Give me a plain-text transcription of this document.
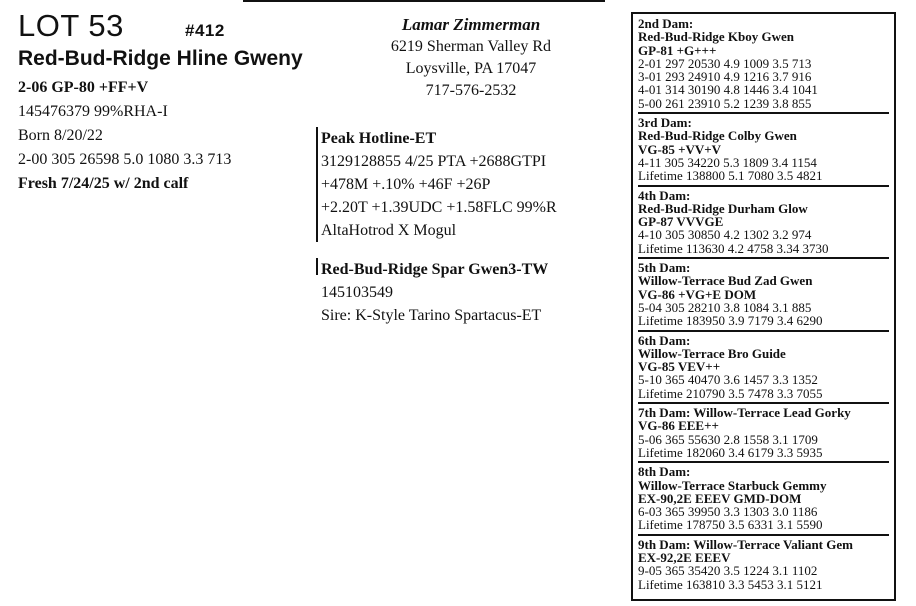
LOT 53	#412
Red-Bud-Ridge Hline Gweny
2-06 GP-80 +FF+V
145476379 99%RHA-I
Born 8/20/22
2-00 305 26598 5.0 1080 3.3 713
Fresh 7/24/25 w/ 2nd calf
Lamar Zimmerman
6219 Sherman Valley Rd
Loysville, PA 17047
717-576-2532
Peak Hotline-ET
3129128855 4/25 PTA +2688GTPI
+478M +.10% +46F +26P
+2.20T +1.39UDC +1.58FLC 99%R
AltaHotrod X Mogul
Red-Bud-Ridge Spar Gwen3-TW
145103549
Sire: K-Style Tarino Spartacus-ET
2nd Dam:
Red-Bud-Ridge Kboy Gwen
GP-81 +G+++
2-01 297 20530 4.9 1009 3.5 713
3-01 293 24910 4.9 1216 3.7 916
4-01 314 30190 4.8 1446 3.4 1041
5-00 261 23910 5.2 1239 3.8 855
3rd Dam:
Red-Bud-Ridge Colby Gwen
VG-85 +VV+V
4-11 305 34220 5.3 1809 3.4 1154
Lifetime 138800 5.1 7080 3.5 4821
4th Dam:
Red-Bud-Ridge Durham Glow
GP-87 VVVGE
4-10 305 30850 4.2 1302 3.2 974
Lifetime 113630 4.2 4758 3.34 3730
5th Dam:
Willow-Terrace Bud Zad Gwen
VG-86 +VG+E DOM
5-04 305 28210 3.8 1084 3.1 885
Lifetime 183950 3.9 7179 3.4 6290
6th Dam:
Willow-Terrace Bro Guide
VG-85 VEV++
5-10 365 40470 3.6 1457 3.3 1352
Lifetime 210790 3.5 7478 3.3 7055
7th Dam: Willow-Terrace Lead Gorky
VG-86 EEE++
5-06 365 55630 2.8 1558 3.1 1709
Lifetime 182060 3.4 6179 3.3 5935
8th Dam:
Willow-Terrace Starbuck Gemmy
EX-90,2E EEEV GMD-DOM
6-03 365 39950 3.3 1303 3.0 1186
Lifetime 178750 3.5 6331 3.1 5590
9th Dam: Willow-Terrace Valiant Gem
EX-92,2E EEEV
9-05 365 35420 3.5 1224 3.1 1102
Lifetime 163810 3.3 5453 3.1 5121
